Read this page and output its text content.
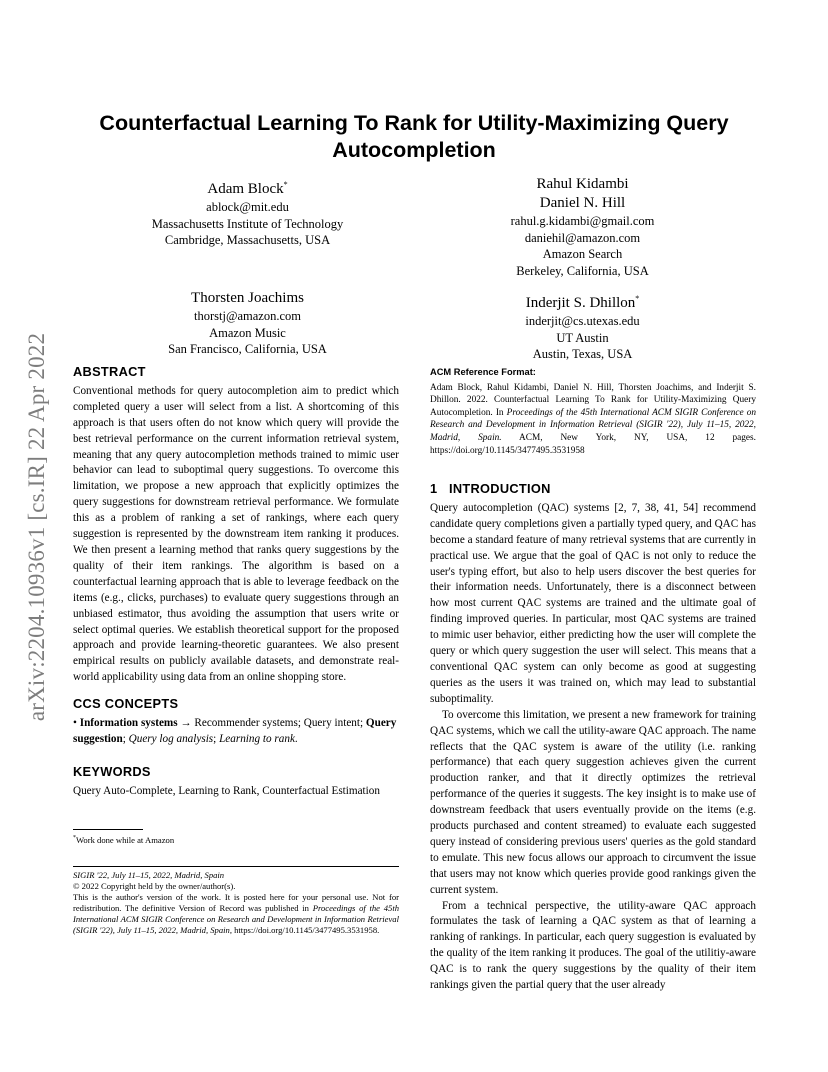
arXiv:2204.10936v1 [cs.IR] 22 Apr 2022
Counterfactual Learning To Rank for Utility-Maximizing Query
Autocompletion
Adam Block*
ablock@mit.edu
Massachusetts Institute of Technology
Cambridge, Massachusetts, USA
Rahul Kidambi
Daniel N. Hill
rahul.g.kidambi@gmail.com
daniehil@amazon.com
Amazon Search
Berkeley, California, USA
Thorsten Joachims
thorstj@amazon.com
Amazon Music
San Francisco, California, USA
Inderjit S. Dhillon*
inderjit@cs.utexas.edu
UT Austin
Austin, Texas, USA
ABSTRACT

Conventional methods for query autocompletion aim to predict which completed query a user will select from a list. A shortcoming of this approach is that users often do not know which query will provide the best retrieval performance on the current information retrieval system, meaning that any query autocompletion methods trained to mimic user behavior can lead to suboptimal query suggestions. To overcome this limitation, we propose a new approach that explicitly optimizes the query suggestions for downstream retrieval performance. We formulate this as a problem of ranking a set of rankings, where each query suggestion is represented by the downstream item ranking it produces. We then present a learning method that ranks query suggestions by the quality of their item rankings. The algorithm is based on a counterfactual learning approach that is able to leverage feedback on the items (e.g., clicks, purchases) to evaluate query suggestions through an unbiased estimator, thus avoiding the assumption that users write or select optimal queries. We establish theoretical support for the proposed approach and provide learning-theoretic guarantees. We also present empirical results on publicly available datasets, and demonstrate real-world applicability using data from an online shopping store.

CCS CONCEPTS

• Information systems → Recommender systems; Query intent; Query suggestion; Query log analysis; Learning to rank.

KEYWORDS

Query Auto-Complete, Learning to Rank, Counterfactual Estimation

*Work done while at Amazon
SIGIR '22, July 11–15, 2022, Madrid, Spain
© 2022 Copyright held by the owner/author(s).
This is the author's version of the work. It is posted here for your personal use. Not for redistribution. The definitive Version of Record was published in Proceedings of the 45th International ACM SIGIR Conference on Research and Development in Information Retrieval (SIGIR '22), July 11–15, 2022, Madrid, Spain, https://doi.org/10.1145/3477495.3531958.
ACM Reference Format:
Adam Block, Rahul Kidambi, Daniel N. Hill, Thorsten Joachims, and Inderjit S. Dhillon. 2022. Counterfactual Learning To Rank for Utility-Maximizing Query Autocompletion. In Proceedings of the 45th International ACM SIGIR Conference on Research and Development in Information Retrieval (SIGIR '22), July 11–15, 2022, Madrid, Spain. ACM, New York, NY, USA, 12 pages. https://doi.org/10.1145/3477495.3531958
1   INTRODUCTION

Query autocompletion (QAC) systems [2, 7, 38, 41, 54] recommend candidate query completions given a partially typed query, and QAC has become a standard feature of many retrieval systems that are currently in practical use. We argue that the goal of QAC is not only to reduce the user's typing effort, but also to help users discover the best queries for their information needs. Unfortunately, there is a disconnect between how most current QAC systems are trained and the ultimate goal of finding improved queries. In particular, most QAC systems are trained to mimic user behavior, either predicting how the user will complete the query or which query suggestion the user will select. This means that a conventional QAC system can only become as good at suggesting queries as the users it was trained on, which may lead to substantial suboptimality.

To overcome this limitation, we present a new framework for training QAC systems, which we call the utility-aware QAC approach. The name reflects that the QAC system is aware of the utility (i.e. ranking performance) that each query suggestion achieves given the current production ranker, and that it directly optimizes the retrieval performance of the queries it suggests. The key insight is to make use of downstream feedback that users eventually provide on the items (e.g. products purchased and content streamed) to evaluate each suggested query instead of considering previous users' queries as the gold standard to emulate. This new focus allows our approach to circumvent the issue that users may not know which queries provide good rankings given the current system.

From a technical perspective, the utility-aware QAC approach formulates the task of learning a QAC system as that of learning a ranking of rankings. In particular, each query suggestion is evaluated by the quality of the item ranking it produces. The goal of the utilitiy-aware QAC is to rank the query suggestions by the quality of their item rankings given the partial query that the user already
